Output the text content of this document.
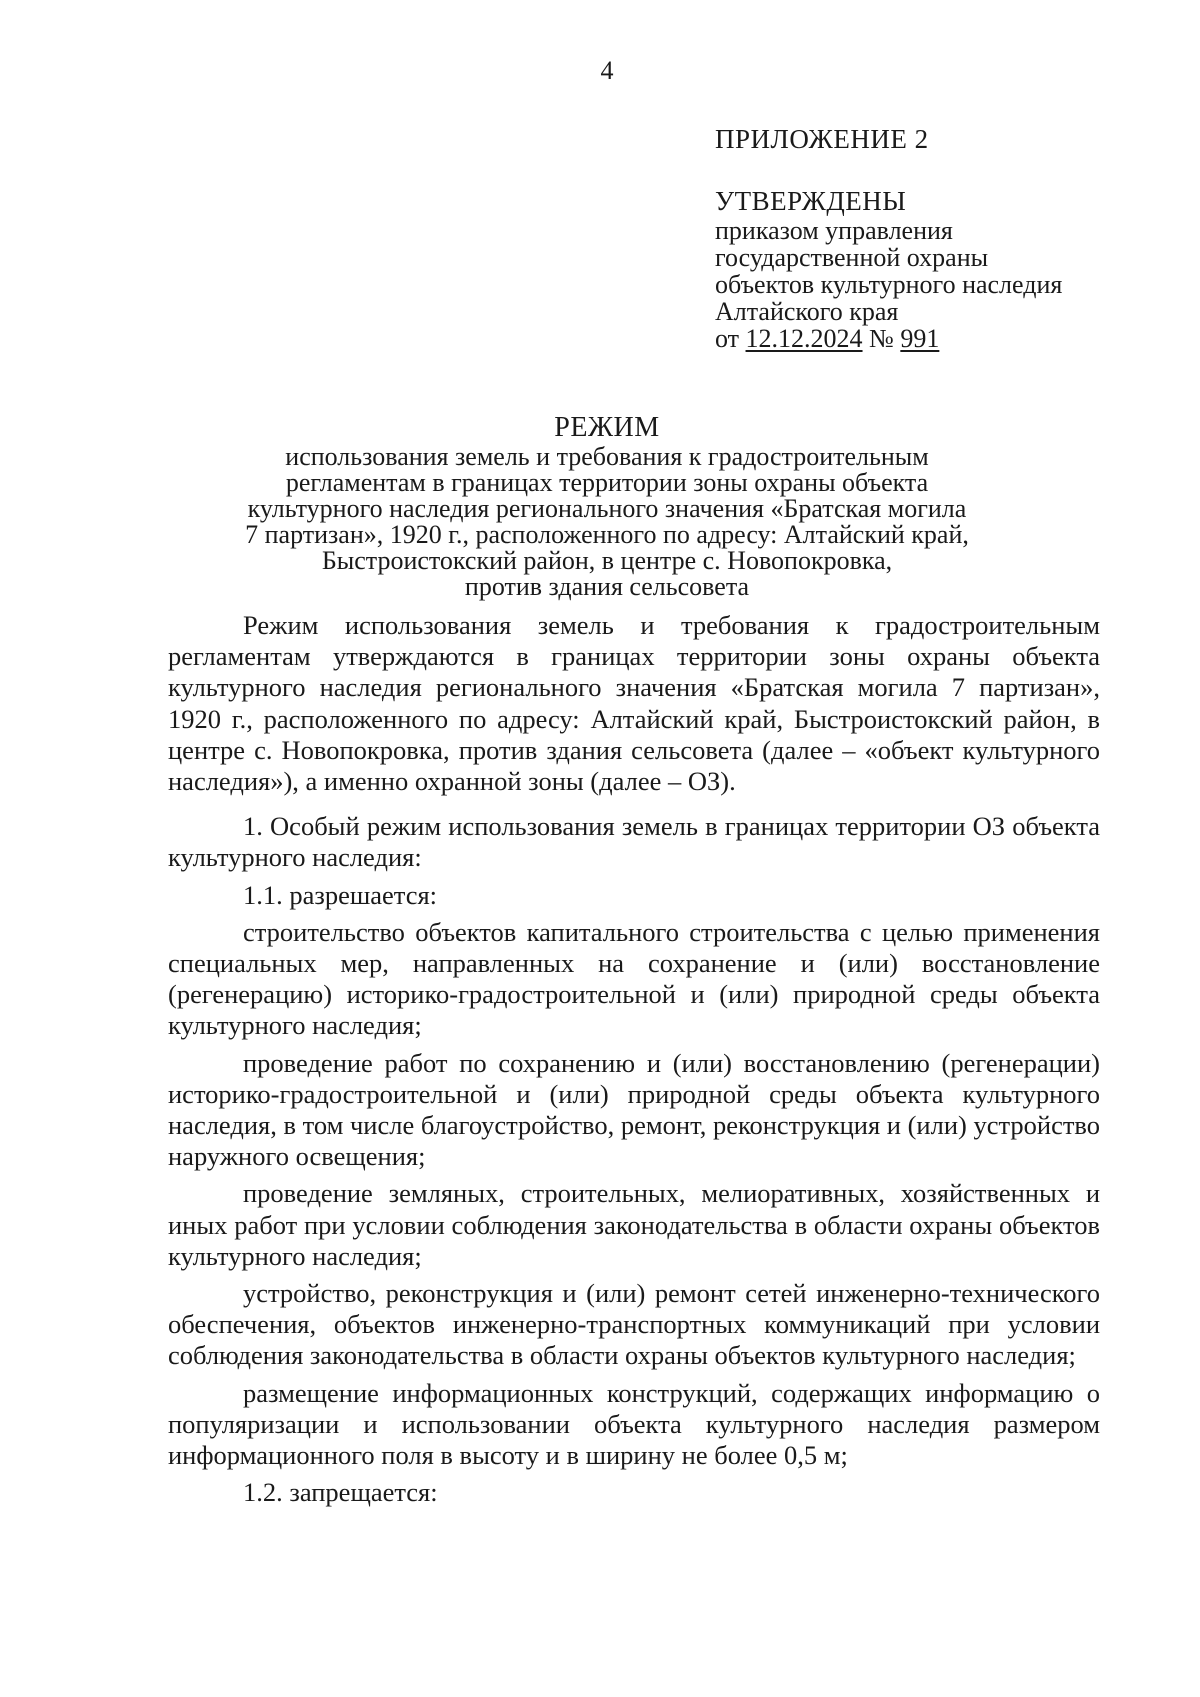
4
ПРИЛОЖЕНИЕ 2
УТВЕРЖДЕНЫ
приказом управления
государственной охраны
объектов культурного наследия
Алтайского края
от 12.12.2024 № 991
РЕЖИМ
использования земель и требования к градостроительным
регламентам в границах территории зоны охраны объекта
культурного наследия регионального значения «Братская могила
7 партизан», 1920 г., расположенного по адресу: Алтайский край,
Быстроистокский район, в центре с. Новопокровка,
против здания сельсовета

Режим использования земель и требования к градостроительным регламентам утверждаются в границах территории зоны охраны объекта культурного наследия регионального значения «Братская могила 7 партизан», 1920 г., расположенного по адресу: Алтайский край, Быстроистокский район, в центре с. Новопокровка, против здания сельсовета (далее – «объект культурного наследия»), а именно охранной зоны (далее – ОЗ).

1. Особый режим использования земель в границах территории ОЗ объекта культурного наследия:

1.1. разрешается:

строительство объектов капитального строительства с целью применения специальных мер, направленных на сохранение и (или) восстановление (регенерацию) историко-градостроительной и (или) природной среды объекта культурного наследия;

проведение работ по сохранению и (или) восстановлению (регенерации) историко-градостроительной и (или) природной среды объекта культурного наследия, в том числе благоустройство, ремонт, реконструкция и (или) устройство наружного освещения;

проведение земляных, строительных, мелиоративных, хозяйственных и иных работ при условии соблюдения законодательства в области охраны объектов культурного наследия;

устройство, реконструкция и (или) ремонт сетей инженерно-технического обеспечения, объектов инженерно-транспортных коммуникаций при условии соблюдения законодательства в области охраны объектов культурного наследия;

размещение информационных конструкций, содержащих информацию о популяризации и использовании объекта культурного наследия размером информационного поля в высоту и в ширину не более 0,5 м;

1.2. запрещается:
